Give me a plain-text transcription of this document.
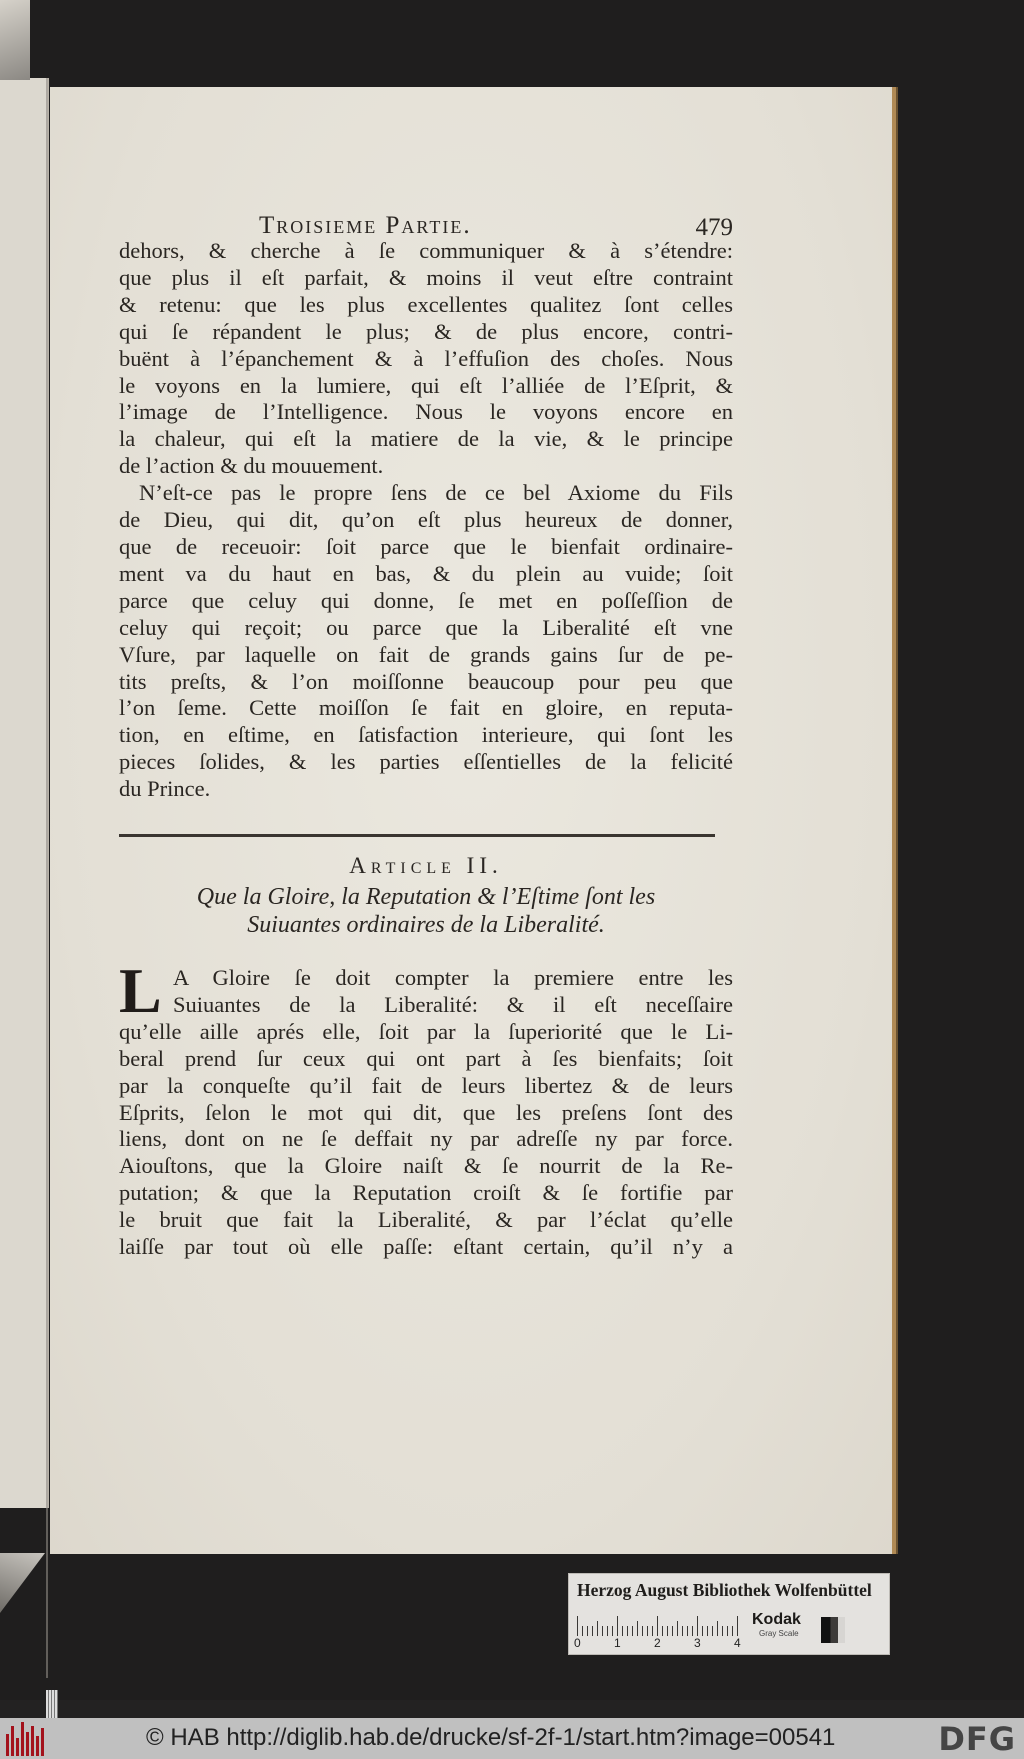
Troisieme Partie.	479
dehors, & cherche à ſe communiquer & à s’étendre:
que plus il eſt parfait, & moins il veut eſtre contraint
& retenu: que les plus excellentes qualitez ſont celles
qui ſe répandent le plus; & de plus encore, contri-
buënt à l’épanchement & à l’effuſion des choſes. Nous
le voyons en la lumiere, qui eſt l’alliée de l’Eſprit, &
l’image de l’Intelligence. Nous le voyons encore en
la chaleur, qui eſt la matiere de la vie, & le principe
de l’action & du mouuement.
N’eſt-ce pas le propre ſens de ce bel Axiome du Fils
de Dieu, qui dit, qu’on eſt plus heureux de donner,
que de receuoir: ſoit parce que le bienfait ordinaire-
ment va du haut en bas, & du plein au vuide; ſoit
parce que celuy qui donne, ſe met en poſſeſſion de
celuy qui reçoit; ou parce que la Liberalité eſt vne
Vſure, par laquelle on fait de grands gains ſur de pe-
tits preſts, & l’on moiſſonne beaucoup pour peu que
l’on ſeme. Cette moiſſon ſe fait en gloire, en reputa-
tion, en eſtime, en ſatisfaction interieure, qui ſont les
pieces ſolides, & les parties eſſentielles de la felicité
du Prince.
Article II.
Que la Gloire, la Reputation & l’Eſtime ſont les
Suiuantes ordinaires de la Liberalité.
L A Gloire ſe doit compter la premiere entre les
Suiuantes de la Liberalité: & il eſt neceſſaire
qu’elle aille aprés elle, ſoit par la ſuperiorité que le Li-
beral prend ſur ceux qui ont part à ſes bienfaits; ſoit
par la conqueſte qu’il fait de leurs libertez & de leurs
Eſprits, ſelon le mot qui dit, que les preſens ſont des
liens, dont on ne ſe deffait ny par adreſſe ny par force.
Aiouſtons, que la Gloire naiſt & ſe nourrit de la Re-
putation; & que la Reputation croiſt & ſe fortifie par
le bruit que fait la Liberalité, & par l’éclat qu’elle
laiſſe par tout où elle paſſe: eſtant certain, qu’il n’y a
Herzog August Bibliothek Wolfenbüttel
0	1	2	3	4
Kodak
Gray Scale
© HAB http://diglib.hab.de/drucke/sf-2f-1/start.htm?image=00541	DFG
